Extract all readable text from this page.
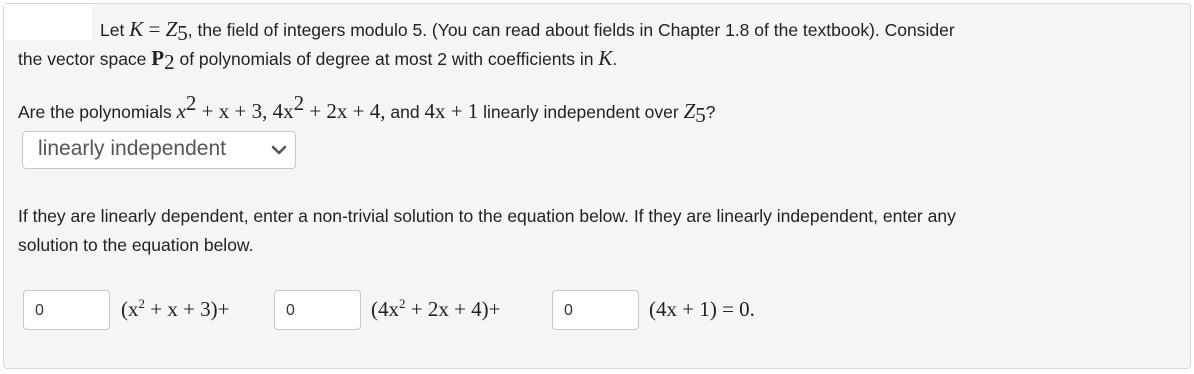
Let $K = Z_5$, the field of integers modulo 5. (You can read about fields in Chapter 1.8 of the textbook). Consider
the vector space $P_2$ of polynomials of degree at most 2 with coefficients in K.
Are the polynomials $x^2 + x + 3$, $4x^2 + 2x + 4$, and 4x + 1 linearly independent over $Z_5$?
linearly independent
If they are linearly dependent, enter a non-trivial solution to the equation below. If they are linearly independent, enter any
solution to the equation below.
0	$(x^2 + x + 3)+$	0	$(4x^2 + 2x + 4)+$	0	(4x + 1) = 0.
